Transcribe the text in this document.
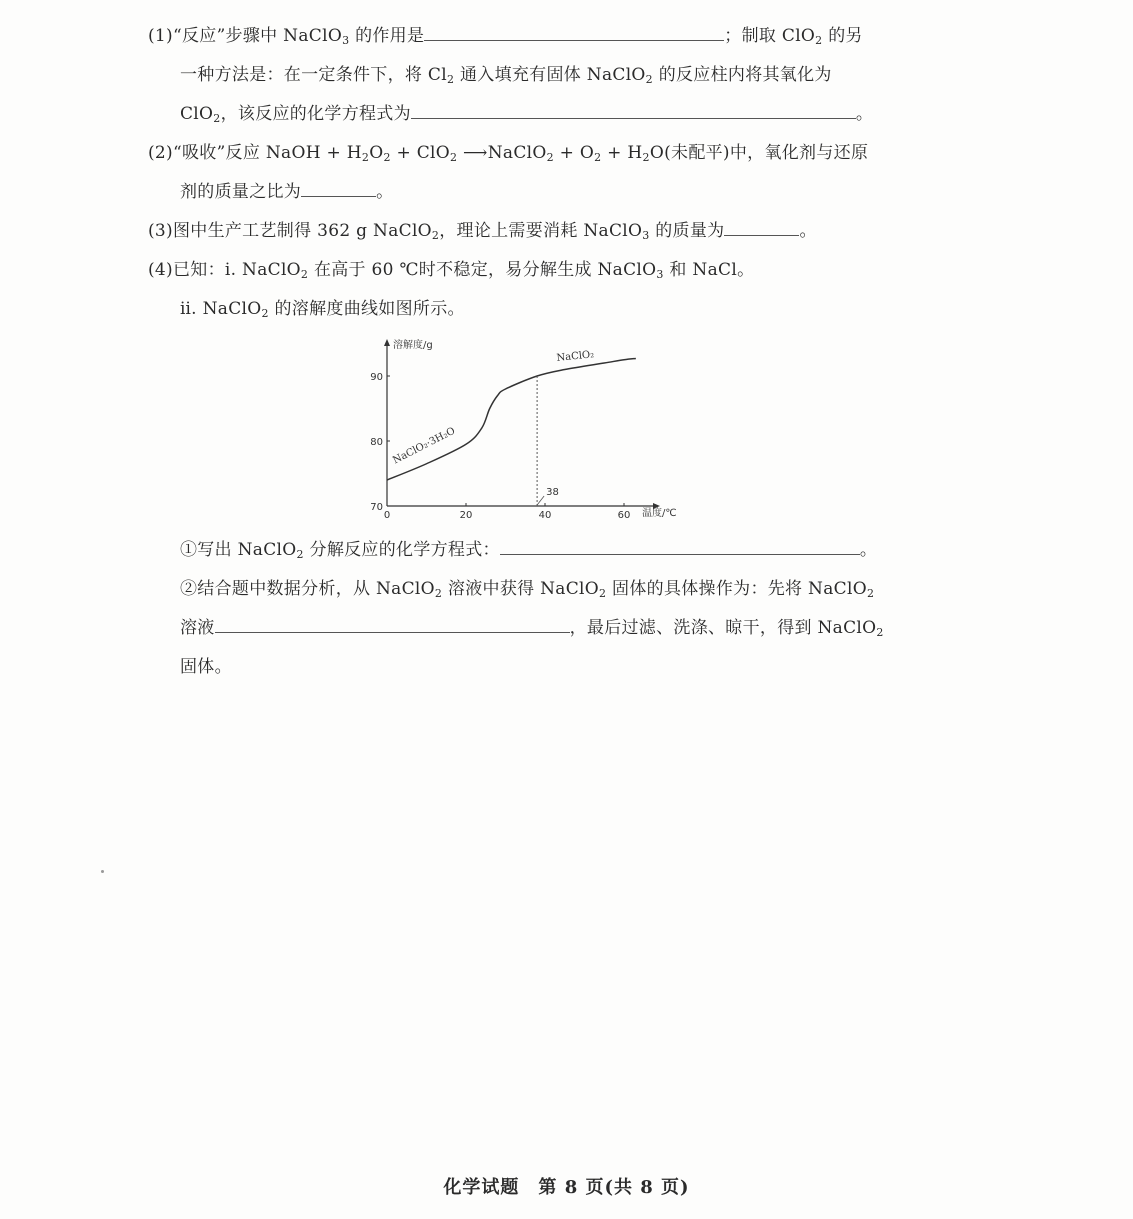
(1)“反应”步骤中 NaClO$_3$ 的作用是	；制取 ClO$_2$ 的另
一种方法是：在一定条件下，将 $Cl_2$ 通入填充有固体 NaClO$_2$ 的反应柱内将其氧化为
ClO$_2$，该反应的化学方程式为	。
(2)“吸收”反应 NaOH + $H_2O_2 + ClO_2$ ⟶NaClO$_2$ + $O_2 + H_2O$(未配平)中，氧化剂与还原
剂的质量之比为	。
(3)图中生产工艺制得 362 g NaClO$_2$，理论上需要消耗 NaClO$_3$ 的质量为	。
(4)已知：ⅰ. NaClO$_2$ 在高于 60 ℃时不稳定，易分解生成 NaClO$_3$ 和 NaCl。
ⅱ. NaClO$_2$ 的溶解度曲线如图所示。
溶解度/g
温度/℃
0	20	40	60
70
80
90
NaClO₂·3H₂O
NaClO₂
38
①写出 NaClO$_2$ 分解反应的化学方程式：	。
②结合题中数据分析，从 NaClO$_2$ 溶液中获得 NaClO$_2$ 固体的具体操作为：先将 NaClO$_2$
溶液	，最后过滤、洗涤、晾干，得到 NaClO$_2$
固体。
化学试题　第 8 页(共 8 页)
